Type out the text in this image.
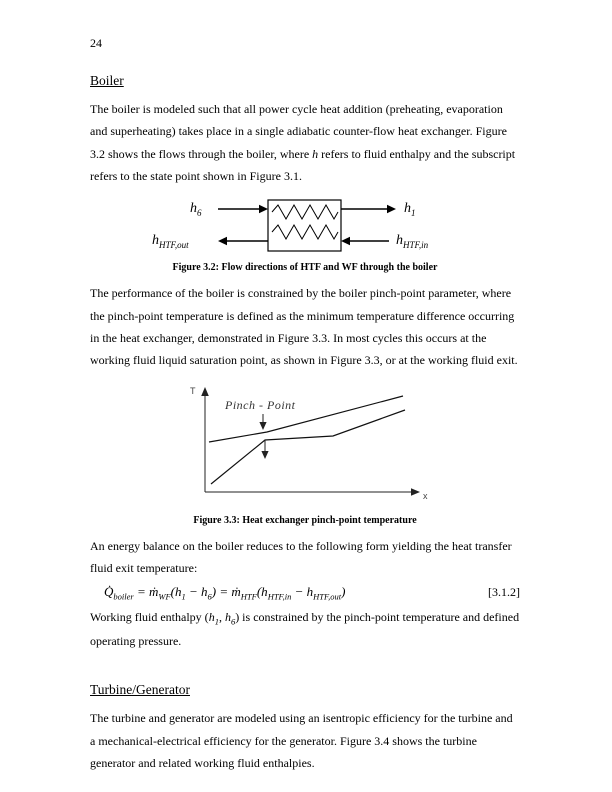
24
Boiler

The boiler is modeled such that all power cycle heat addition (preheating, evaporation and superheating) takes place in a single adiabatic counter-flow heat exchanger. Figure 3.2 shows the flows through the boiler, where h refers to fluid enthalpy and the subscript refers to the state point shown in Figure 3.1.

$h_6$	$h_1$
$h_{HTF,out}$	$h_{HTF,in}$
Figure 3.2: Flow directions of HTF and WF through the boiler

The performance of the boiler is constrained by the boiler pinch-point parameter, where the pinch-point temperature is defined as the minimum temperature difference occurring in the heat exchanger, demonstrated in Figure 3.3. In most cycles this occurs at the working fluid liquid saturation point, as shown in Figure 3.3, or at the working fluid exit.

T
x
Pinch - Point
Figure 3.3: Heat exchanger pinch-point temperature

An energy balance on the boiler reduces to the following form yielding the heat transfer fluid exit temperature:

$Q̇_{boiler}$ = $ṁ_{WF}(h_1 - h_6)$ = $ṁ_{HTF}(h_{HTF,in} - h_{HTF,out})$	[3.1.2]

Working fluid enthalpy ($h_1$, $h_6$) is constrained by the pinch-point temperature and defined operating pressure.

Turbine/Generator

The turbine and generator are modeled using an isentropic efficiency for the turbine and a mechanical-electrical efficiency for the generator. Figure 3.4 shows the turbine generator and related working fluid enthalpies.
